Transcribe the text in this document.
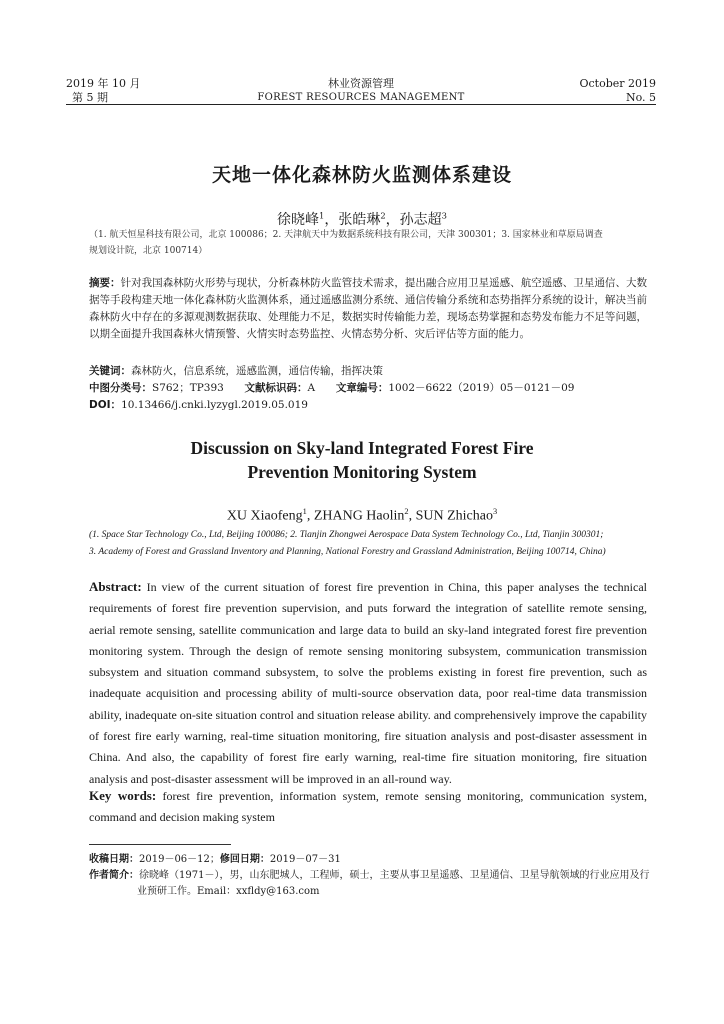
林业资源管理
2019 年 10 月	October 2019
FOREST RESOURCES MANAGEMENT
第 5 期	No. 5
天地一体化森林防火监测体系建设
徐晓峰$^1$，张皓琳$^2$，孙志超$^3$
（1. 航天恒星科技有限公司，北京 100086；2. 天津航天中为数据系统科技有限公司，天津 300301；3. 国家林业和草原局调查
规划设计院，北京 100714）
摘要：针对我国森林防火形势与现状，分析森林防火监管技术需求，提出融合应用卫星遥感、航空遥感、卫星通信、大数据等手段构建天地一体化森林防火监测体系，通过遥感监测分系统、通信传输分系统和态势指挥分系统的设计，解决当前森林防火中存在的多源观测数据获取、处理能力不足，数据实时传输能力差，现场态势掌握和态势发布能力不足等问题，以期全面提升我国森林火情预警、火情实时态势监控、火情态势分析、灾后评估等方面的能力。
关键词：森林防火，信息系统，遥感监测，通信传输，指挥决策
中图分类号：S762；TP393 文献标识码：A 文章编号：1002－6622（2019）05－0121－09
DOI：10.13466/j.cnki.lyzygl.2019.05.019
Discussion on Sky-land Integrated Forest Fire
Prevention Monitoring System
XU Xiaofeng$^1$, ZHANG Haolin$^2$, SUN Zhichao$^3$
(1. Space Star Technology Co., Ltd, Beijing 100086; 2. Tianjin Zhongwei Aerospace Data System Technology Co., Ltd, Tianjin 300301;
3. Academy of Forest and Grassland Inventory and Planning, National Forestry and Grassland Administration, Beijing 100714, China)
Abstract: In view of the current situation of forest fire prevention in China, this paper analyses the technical requirements of forest fire prevention supervision, and puts forward the integration of satellite remote sensing, aerial remote sensing, satellite communication and large data to build an sky-land integrated forest fire prevention monitoring system. Through the design of remote sensing monitoring subsystem, communication transmission subsystem and situation command subsystem, to solve the problems existing in forest fire prevention, such as inadequate acquisition and processing ability of multi-source observation data, poor real-time data transmission ability, inadequate on-site situation control and situation release ability. and comprehensively improve the capability of forest fire early warning, real-time situation monitoring, fire situation analysis and post-disaster assessment in China. And also, the capability of forest fire early warning, real-time fire situation monitoring, fire situation analysis and post-disaster assessment will be improved in an all-round way.
Key words: forest fire prevention, information system, remote sensing monitoring, communication system, command and decision making system
收稿日期：2019－06－12；修回日期：2019－07－31
作者简介：徐晓峰（1971－），男，山东肥城人，工程师，硕士，主要从事卫星遥感、卫星通信、卫星导航领域的行业应用及行
业预研工作。Email：xxfldy@163.com
